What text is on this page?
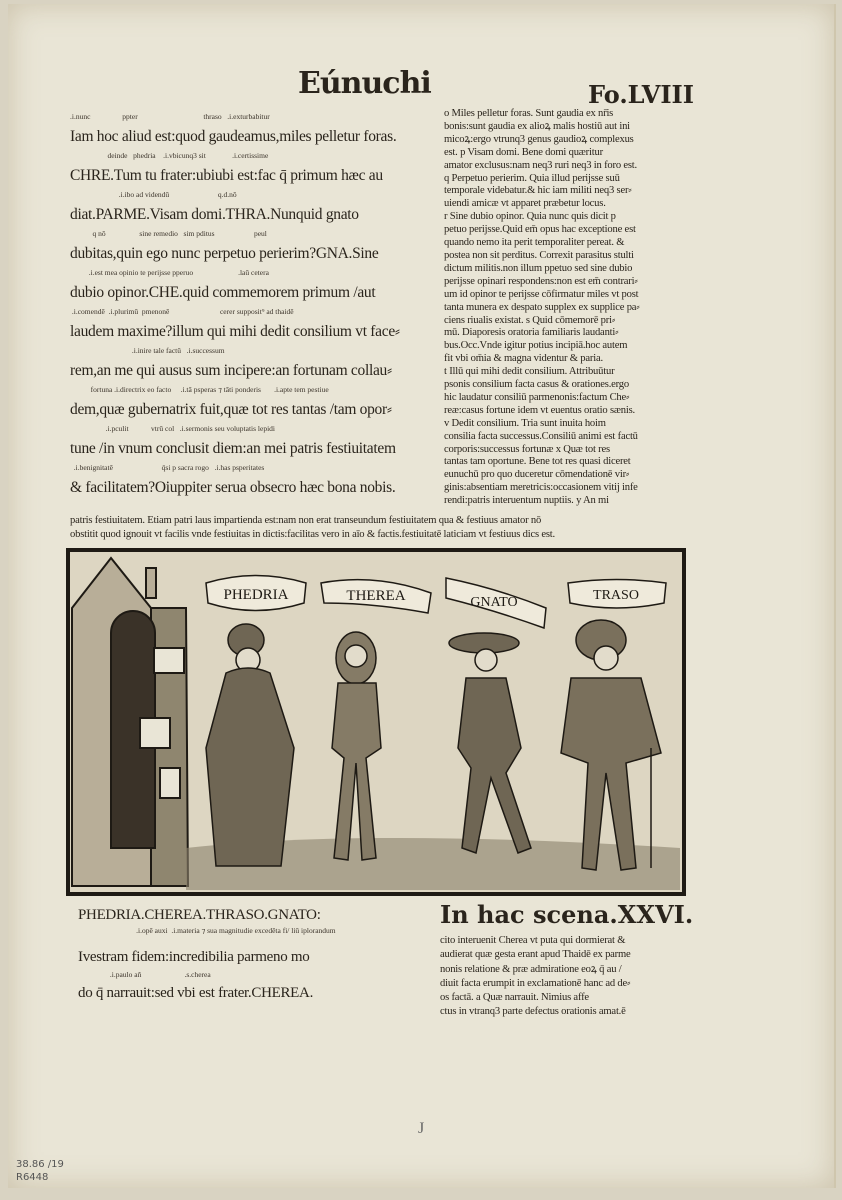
Eúnuchi	Fo.LVIII
.i.nunc                 ppter                                   thraso   .i.exturbabitur
Iam hoc aliud est:quod gaudeamus,miles pelletur foras.
deinde   phedria    .i.vbicunq3 sit              .i.certissime
CHRE.Tum tu frater:ubiubi est:fac q̄ primum hæc au
.i.ibo ad videndū                          q.d.nō
diat.PARME.Visam domi.THRA.Nunquid gnato
q nō                  sine remedio   sim pditus                     peul
dubitas,quin ego nunc perpetuo perierim?GNA.Sine
.i.est mea opinio te perijsse pperuo                        .laū cetera
dubio opinor.CHE.quid commemorem primum /aut
.i.comendē  .i.plurimū  pmenonē                           cerer supposit⁹ ad thaidē
laudem maxime?illum qui mihi dedit consilium vt face⸗
.i.inire tale factū   .i.successum
rem,an me qui ausus sum incipere:an fortunam collau⸗
fortuna .i.directrix eo facto     .i.tā psperas ⁊ tāti ponderis       .i.apte tem pestiue
dem,quæ gubernatrix fuit,quæ tot res tantas /tam opor⸗
.i.pculit            vtrū col   .i.sermonis seu voluptatis lepidi
tune /in vnum conclusit diem:an mei patris festiuitatem
.i.benignitatē                          q̄si p sacra rogo   .i.has psperitates
& facilitatem?Oiuppiter serua obsecro hæc bona nobis.
o Miles pelletur foras. Sunt gaudia ex nr̄is
bonis:sunt gaudia ex alioꝝ malis hostiū aut ini
micoꝝ:ergo vtrunq3 genus gaudioꝝ complexus
est. p Visam domi. Bene domi quæritur
amator exclusus:nam neq3 ruri neq3 in foro est.
q Perpetuo perierim. Quia illud perijsse suū
temporale videbatur.& hic iam militi neq3 ser⸗
uiendi amicæ vt apparet præbetur locus.
r Sine dubio opinor. Quia nunc quis dicit p
petuo perijsse.Quid em̄ opus hac exceptione est
quando nemo ita perit temporaliter pereat. &
postea non sit perditus. Correxit parasitus stulti
dictum militis.non illum ppetuo sed sine dubio
perijsse opinari respondens:non est em̄ contrari⸗
um id opinor te perijsse cōfirmatur miles vt post
tanta munera ex despato supplex ex supplice pa⸗
ciens riualis existat. s Quid cōmemorē pri⸗
mū. Diaporesis oratoria familiaris laudanti⸗
bus.Occ.Vnde igitur potius incipiā.hoc autem
fit vbi om̄ia & magna videntur & paria.
t Illū qui mihi dedit consilium. Attribuūtur
psonis consilium facta casus & orationes.ergo
hic laudatur consiliū parmenonis:factum Che⸗
reæ:casus fortune idem vt euentus oratio sænis.
v Dedit consilium. Tria sunt inuita hoim
consilia facta successus.Consiliū animi est factū
corporis:successus fortunæ x Quæ tot res
tantas tam oportune. Bene tot res quasi diceret
eunuchū pro quo duceretur cōmendationē vir⸗
ginis:absentiam meretricis:occasionem vitij infe
rendi:patris interuentum nuptiis. y An mi
patris festiuitatem. Etiam patri laus impartienda est:nam non erat transeundum festiuitatem qua & festiuus amator nō
obstitit quod ignouit vt facilis vnde festiuitas in dictis:facilitas vero in aīo & factis.festiuitatē laticiam vt festiuus dics est.
PHEDRIA	THEREA	GNATO	TRASO
PHEDRIA.CHEREA.THRASO.GNATO:
.i.opē auxi  .i.materia ⁊ sua magnitudie excedēta fi/ liū iplorandum
Ivestram fidem:incredibilia parmeno mo
.i.paulo añ                       .s.cherea
do q̄ narrauit:sed vbi est frater.CHEREA.
In hac scena.XXVI.
cito interuenit Cherea vt puta qui dormierat &
audierat quæ gesta erant apud Thaidē ex parme
nonis relatione & præ admiratione eoꝝ q̄ au /
diuit facta erumpit in exclamationē hanc ad de⸗
os factā. a Quæ narrauit. Nimius affe
ctus in vtranq3 parte defectus orationis amat.ē
J
38.86 /19
R6448
